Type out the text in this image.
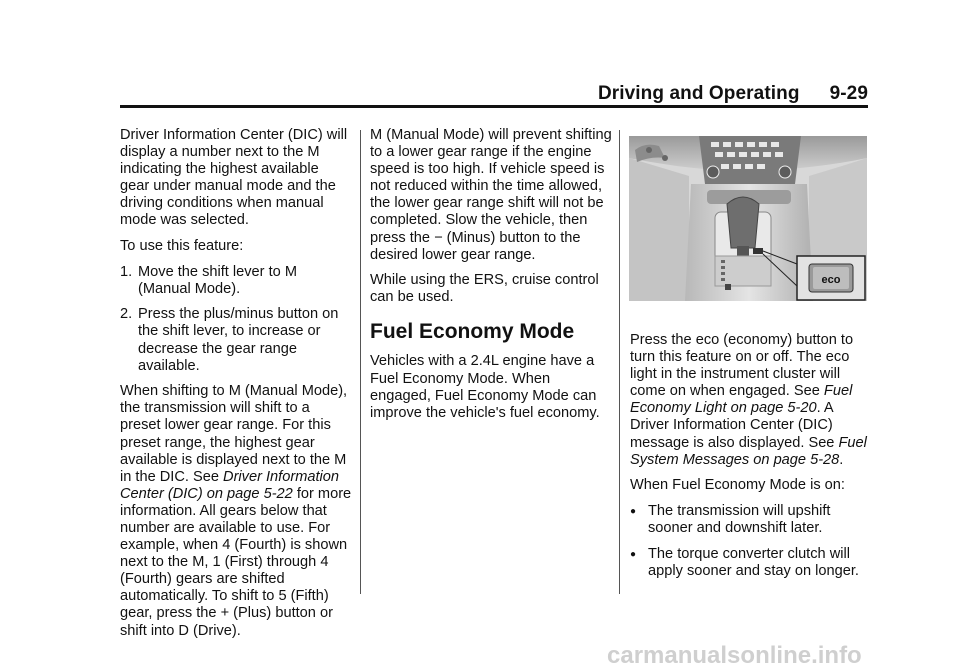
Driving and Operating 9-29

Driver Information Center (DIC) will display a number next to the M indicating the highest available gear under manual mode and the driving conditions when manual mode was selected.

To use this feature:

1. Move the shift lever to M (Manual Mode).
2. Press the plus/minus button on the shift lever, to increase or decrease the gear range available.

When shifting to M (Manual Mode), the transmission will shift to a preset lower gear range. For this preset range, the highest gear available is displayed next to the M in the DIC. See Driver Information Center (DIC) on page 5-22 for more information. All gears below that number are available to use. For example, when 4 (Fourth) is shown next to the M, 1 (First) through 4 (Fourth) gears are shifted automatically. To shift to 5 (Fifth) gear, press the + (Plus) button or shift into D (Drive).

M (Manual Mode) will prevent shifting to a lower gear range if the engine speed is too high. If vehicle speed is not reduced within the time allowed, the lower gear range shift will not be completed. Slow the vehicle, then press the − (Minus) button to the desired lower gear range.

While using the ERS, cruise control can be used.

Fuel Economy Mode

Vehicles with a 2.4L engine have a Fuel Economy Mode. When engaged, Fuel Economy Mode can improve the vehicle's fuel economy.

eco

Press the eco (economy) button to turn this feature on or off. The eco light in the instrument cluster will come on when engaged. See Fuel Economy Light on page 5-20. A Driver Information Center (DIC) message is also displayed. See Fuel System Messages on page 5-28.

When Fuel Economy Mode is on:

● The transmission will upshift sooner and downshift later.
● The torque converter clutch will apply sooner and stay on longer.
carmanualsonline.info
